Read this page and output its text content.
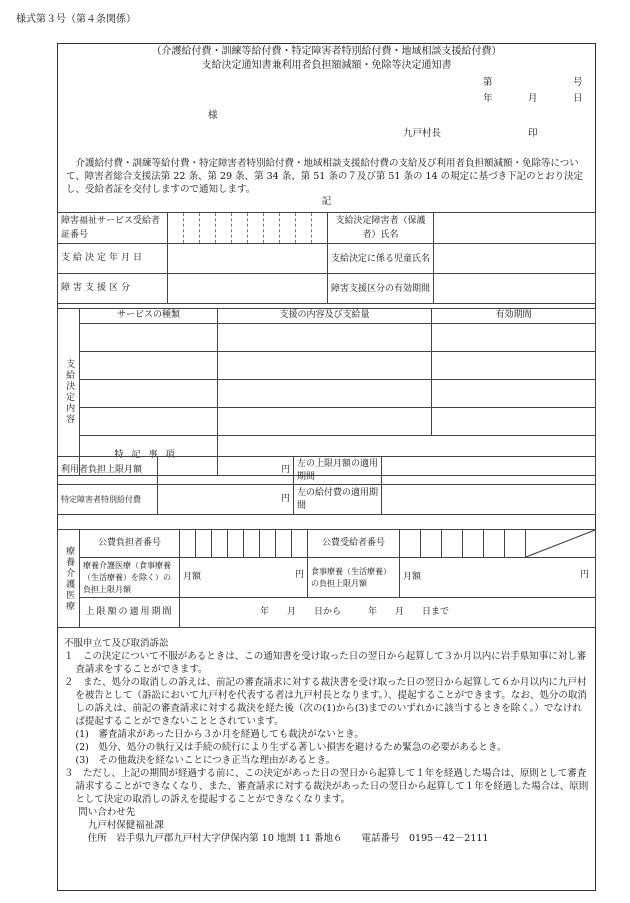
様式第３号（第４条関係）
（介護給付費・訓練等給付費・特定障害者特別給付費・地域相談支援給付費）
支給決定通知書兼利用者負担額減額・免除等決定通知書
第	号
年	月	日
様
九戸村長	印
介護給付費・訓練等給付費・特定障害者特別給付費・地域相談支援給付費の支給及び利用者負担額減額・免除等について、障害者総合支援法第 22 条、第 29 条、第 34 条、第 51 条の７及び第 51 条の 14 の規定に基づき下記のとおり決定し、受給者証を交付しますので通知します。
記
障害福祉サービス受給者証番号											支給決定障害者（保護者）氏名	
支給決定年月日											支給決定に係る児童氏名	
障害支援区分											障害支援区分の有効期間	
支給決定内容	サービスの種類	支援の内容及び支給量	有効期間

	特記事項		
利用者負担上限月額	円	左の上限月額の適用期間	
特定障害者特別給付費	円	左の給付費の適用期間	
療養介護医療	公費負担者番号									公費受給者番号							

	療養介護医療（食事療養（生活療養）を除く）の負担上限月額	月額 円								食事療養（生活療養）の負担上限月額	月額 円						

	上限額の適用期間	年　　月　　日から　　　年　　月　　日まで															
不服申立て及び取消訴訟
１　この決定について不服があるときは、この通知書を受け取った日の翌日から起算して３か月以内に岩手県知事に対し審査請求をすることができます。
２　また、処分の取消しの訴えは、前記の審査請求に対する裁決書を受け取った日の翌日から起算して６か月以内に九戸村を被告として（訴訟において九戸村を代表する者は九戸村長となります。）、提起することができます。なお、処分の取消しの訴えは、前記の審査請求に対する裁決を経た後（次の(1)から(3)までのいずれかに該当するときを除く。）でなければ提起することができないこととされています。
(1)　審査請求があった日から３か月を経過しても裁決がないとき。
(2)　処分、処分の執行又は手続の続行により生ずる著しい損害を避けるため緊急の必要があるとき。
(3)　その他裁決を経ないことにつき正当な理由があるとき。
３　ただし、上記の期間が経過する前に、この決定があった日の翌日から起算して１年を経過した場合は、原則として審査請求することができなくなり、また、審査請求に対する裁決があった日の翌日から起算して１年を経過した場合は、原則として決定の取消しの訴えを提起することができなくなります。
問い合わせ先
九戸村保健福祉課
住所　岩手県九戸郡九戸村大字伊保内第 10 地割 11 番地６　　電話番号　0195－42－2111
